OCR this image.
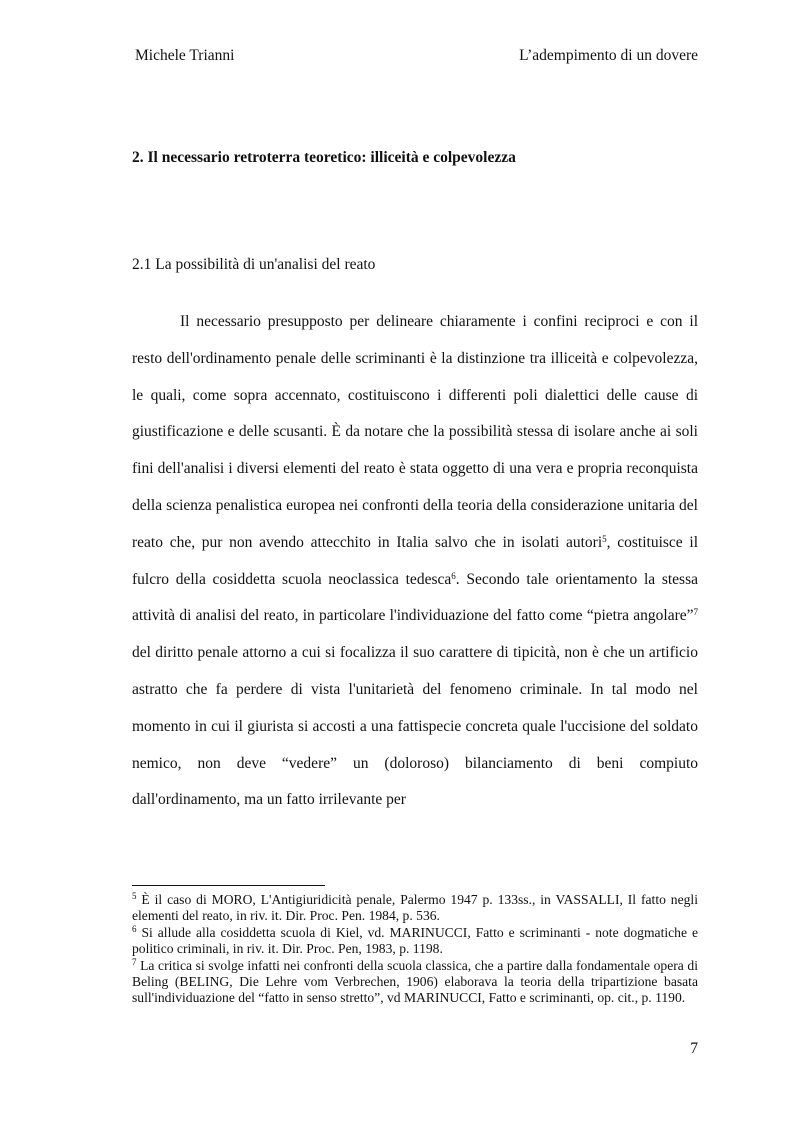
Michele Trianni	L’adempimento di un dovere
2. Il necessario retroterra teoretico: illiceità e colpevolezza
2.1 La possibilità di un'analisi del reato

Il necessario presupposto per delineare chiaramente i confini reciproci e con il resto dell'ordinamento penale delle scriminanti è la distinzione tra illiceità e colpevolezza, le quali, come sopra accennato, costituiscono i differenti poli dialettici delle cause di giustificazione e delle scusanti. È da notare che la possibilità stessa di isolare anche ai soli fini dell'analisi i diversi elementi del reato è stata oggetto di una vera e propria reconquista della scienza penalistica europea nei confronti della teoria della considerazione unitaria del reato che, pur non avendo attecchito in Italia salvo che in isolati autori$^5$, costituisce il fulcro della cosiddetta scuola neoclassica tedesca$^6$. Secondo tale orientamento la stessa attività di analisi del reato, in particolare l'individuazione del fatto come “pietra angolare”$^7$ del diritto penale attorno a cui si focalizza il suo carattere di tipicità, non è che un artificio astratto che fa perdere di vista l'unitarietà del fenomeno criminale. In tal modo nel momento in cui il giurista si accosti a una fattispecie concreta quale l'uccisione del soldato nemico, non deve “vedere” un (doloroso) bilanciamento di beni compiuto dall'ordinamento, ma un fatto irrilevante per

$^5$ È il caso di MORO, L'Antigiuridicità penale, Palermo 1947 p. 133ss., in VASSALLI, Il fatto negli elementi del reato, in riv. it. Dir. Proc. Pen. 1984, p. 536.

$^6$ Si allude alla cosiddetta scuola di Kiel, vd. MARINUCCI, Fatto e scriminanti - note dogmatiche e politico criminali, in riv. it. Dir. Proc. Pen, 1983, p. 1198.

$^7$ La critica si svolge infatti nei confronti della scuola classica, che a partire dalla fondamentale opera di Beling (BELING, Die Lehre vom Verbrechen, 1906) elaborava la teoria della tripartizione basata sull'individuazione del “fatto in senso stretto”, vd MARINUCCI, Fatto e scriminanti, op. cit., p. 1190.

7
